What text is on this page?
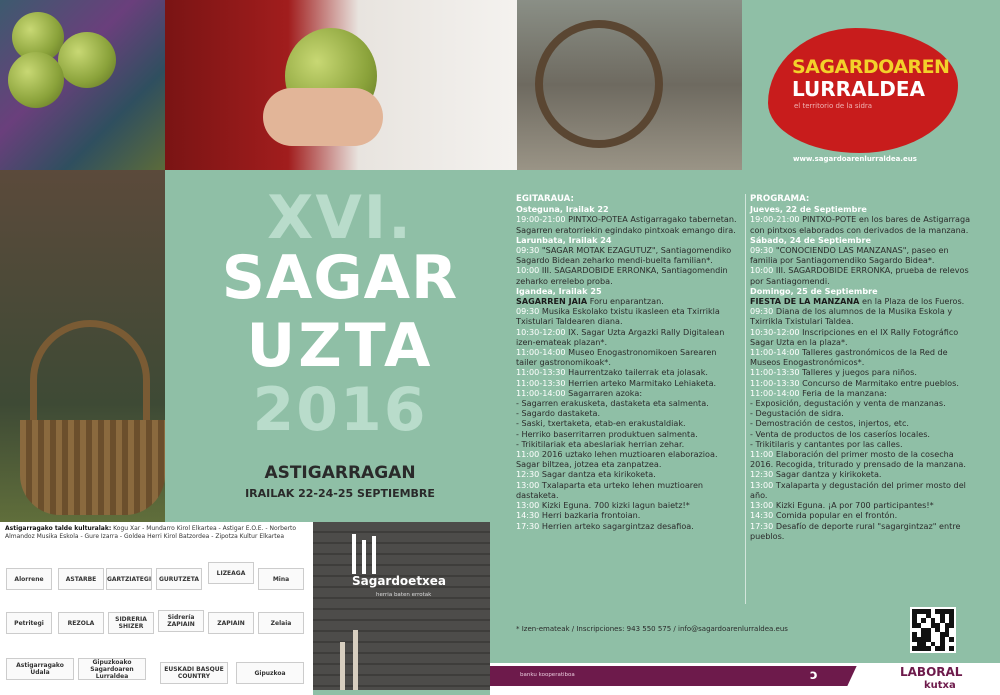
SAGARDOAREN
LURRALDEA
el territorio de la sidra
www.sagardoarenlurraldea.eus
XVI.
SAGAR
UZTA
2016
ASTIGARRAGAN
IRAILAK 22-24-25 SEPTIEMBRE

EGITARAUA:

Osteguna, Irailak 22

19:00-21:00 PINTXO-POTEA Astigarragako tabernetan. Sagarren eratorriekin egindako pintxoak emango dira.

Larunbata, Irailak 24

09:30 "SAGAR MOTAK EZAGUTUZ", Santiagomendiko Sagardo Bidean zeharko mendi-buelta familian*.

10:00 III. SAGARDOBIDE ERRONKA, Santiagomendin zeharko errelebo proba.

Igandea, Irailak 25

SAGARREN JAIA Foru enparantzan.

09:30 Musika Eskolako txistu ikasleen eta Txirrikla Txistulari Taldearen diana.

10:30-12:00 IX. Sagar Uzta Argazki Rally Digitalean izen-emateak plazan*.

11:00-14:00 Museo Enogastronomikoen Sarearen tailer gastronomikoak*.

11:00-13:30 Haurrentzako tailerrak eta jolasak.

11:00-13:30 Herrien arteko Marmitako Lehiaketa.

11:00-14:00 Sagarraren azoka:

- Sagarren erakusketa, dastaketa eta salmenta.

- Sagardo dastaketa.

- Saski, txertaketa, etab-en erakustaldiak.

- Herriko baserritarren produktuen salmenta.

- Trikitilariak eta abeslariak herrian zehar.

11:00 2016 uztako lehen muztioaren elaborazioa. Sagar biltzea, jotzea eta zanpatzea.

12:30 Sagar dantza eta kirikoketa.

13:00 Txalaparta eta urteko lehen muztioaren dastaketa.

13:00 Kizki Eguna. 700 kizki lagun baietz!*

14:30 Herri bazkaria frontoian.

17:30 Herrien arteko sagargintzaz desafioa.

PROGRAMA:

Jueves, 22 de Septiembre

19:00-21:00 PINTXO-POTE en los bares de Astigarraga con pintxos elaborados con derivados de la manzana.

Sábado, 24 de Septiembre

09:30 "CONOCIENDO LAS MANZANAS", paseo en familia por Santiagomendiko Sagardo Bidea*.

10:00 III. SAGARDOBIDE ERRONKA, prueba de relevos por Santiagomendi.

Domingo, 25 de Septiembre

FIESTA DE LA MANZANA en la Plaza de los Fueros.

09:30 Diana de los alumnos de la Musika Eskola y Txirrikla Txistulari Taldea.

10:30-12:00 Inscripciones en el IX Rally Fotográfico Sagar Uzta en la plaza*.

11:00-14:00 Talleres gastronómicos de la Red de Museos Enogastronómicos*.

11:00-13:30 Talleres y juegos para niños.

11:00-13:30 Concurso de Marmitako entre pueblos.

11:00-14:00 Feria de la manzana:

- Exposición, degustación y venta de manzanas.

- Degustación de sidra.

- Demostración de cestos, injertos, etc.

- Venta de productos de los caseríos locales.

- Trikitilaris y cantantes por las calles.

11:00 Elaboración del primer mosto de la cosecha 2016. Recogida, triturado y prensado de la manzana.

12:30 Sagar dantza y kirikoketa.

13:00 Txalaparta y degustación del primer mosto del año.

13:00 Kizki Eguna. ¡A por 700 participantes!*

14:30 Comida popular en el frontón.

17:30 Desafío de deporte rural "sagargintzaz" entre pueblos.

* Izen-emateak / Inscripciones: 943 550 575 / info@sagardoarenlurraldea.eus
Astigarragako talde kulturalak: Kogu Xar - Mundarro Kirol Elkartea - Astigar E.O.E. - Norberto Almandoz Musika Eskola - Gure Izarra - Goldea Herri Kirol Batzordea - Zipotza Kultur Elkartea
Alorrene	ASTARBE	GARTZIATEGI	GURUTZETA
LIZEAGA
Mina
Petritegi	REZOLA	SIDRERIA SHIZER
Sidrería ZAPIAIN	ZAPIAIN	Zelaia
Astigarragako Udala
Gipuzkoako Sagardoaren Lurraldea
EUSKADI BASQUE COUNTRY	Gipuzkoa
Sagardoetxea
herria baten errotak
banku kooperatiboa	ↄ	LABORAL
kutxa
